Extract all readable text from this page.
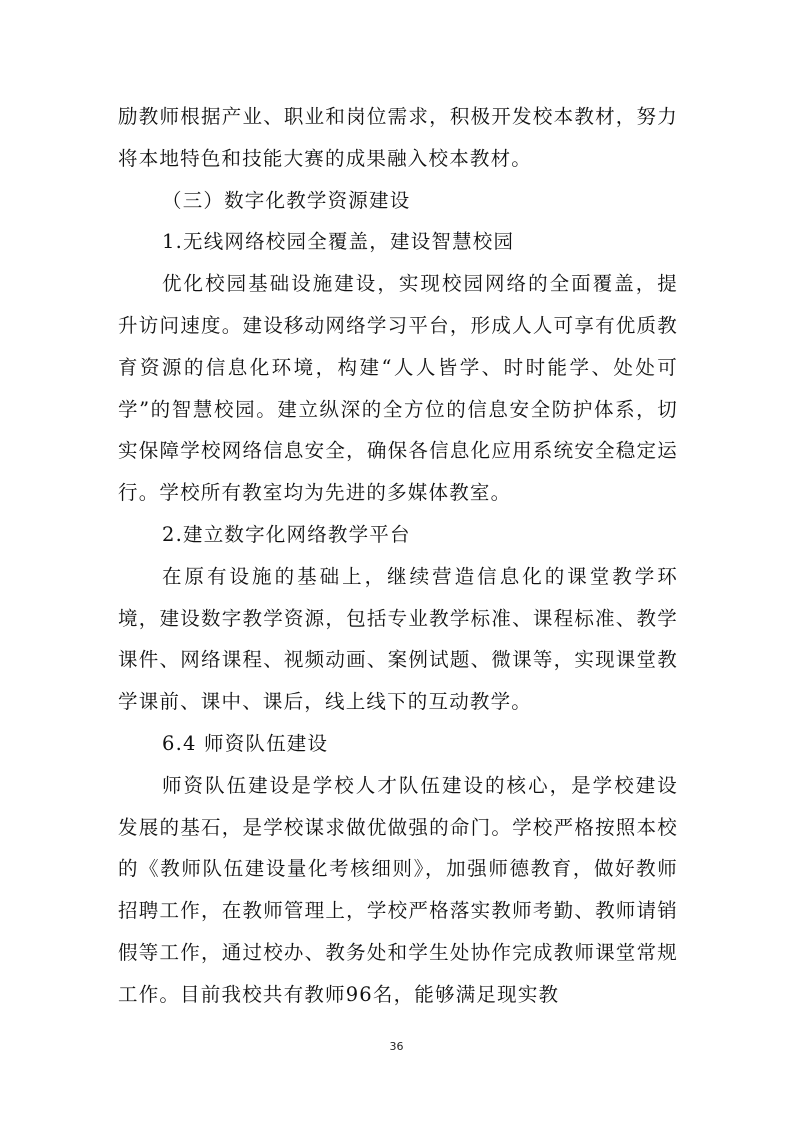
励教师根据产业、职业和岗位需求，积极开发校本教材，努力将本地特色和技能大赛的成果融入校本教材。

（三）数字化教学资源建设

1.无线网络校园全覆盖，建设智慧校园

优化校园基础设施建设，实现校园网络的全面覆盖，提升访问速度。建设移动网络学习平台，形成人人可享有优质教育资源的信息化环境，构建“人人皆学、时时能学、处处可学”的智慧校园。建立纵深的全方位的信息安全防护体系，切实保障学校网络信息安全，确保各信息化应用系统安全稳定运行。学校所有教室均为先进的多媒体教室。

2.建立数字化网络教学平台

在原有设施的基础上，继续营造信息化的课堂教学环境，建设数字教学资源，包括专业教学标准、课程标准、教学课件、网络课程、视频动画、案例试题、微课等，实现课堂教学课前、课中、课后，线上线下的互动教学。

6.4 师资队伍建设

师资队伍建设是学校人才队伍建设的核心，是学校建设发展的基石，是学校谋求做优做强的命门。学校严格按照本校的《教师队伍建设量化考核细则》，加强师德教育，做好教师招聘工作，在教师管理上，学校严格落实教师考勤、教师请销假等工作，通过校办、教务处和学生处协作完成教师课堂常规工作。目前我校共有教师96名，能够满足现实教

36
